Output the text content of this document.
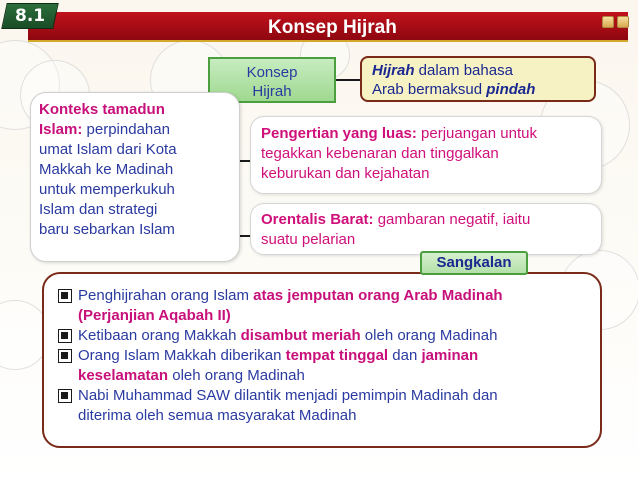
Konsep Hijrah
8.1
Konsep
Hijrah
Hijrah dalam bahasa
Arab bermaksud pindah
Konteks tamadun
Islam: perpindahan
umat Islam dari Kota
Makkah ke Madinah
untuk memperkukuh
Islam dan strategi
baru sebarkan Islam
Pengertian yang luas: perjuangan untuk
tegakkan kebenaran dan tinggalkan
keburukan dan kejahatan
Orentalis Barat: gambaran negatif, iaitu
suatu pelarian
Penghijrahan orang Islam atas jemputan orang Arab Madinah
(Perjanjian Aqabah II)
Ketibaan orang Makkah disambut meriah oleh orang Madinah
Orang Islam Makkah diberikan tempat tinggal dan jaminan
keselamatan oleh orang Madinah
Nabi Muhammad SAW dilantik menjadi pemimpin Madinah dan
diterima oleh semua masyarakat Madinah
Sangkalan
